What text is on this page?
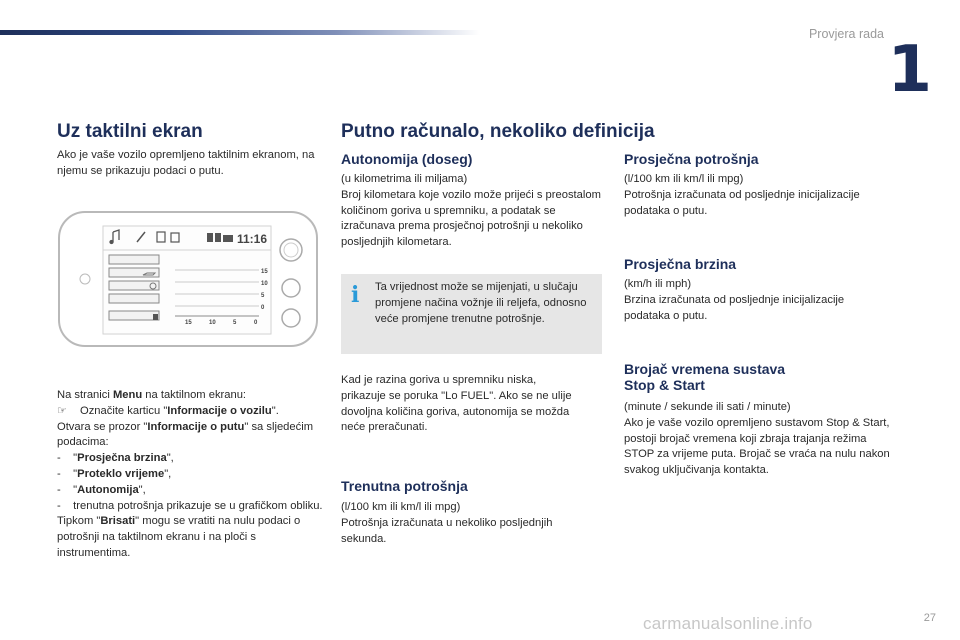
Provjera rada 1
Uz taktilni ekran
Ako je vaše vozilo opremljeno taktilnim ekranom, na njemu se prikazuju podaci o putu.
11:16
15
10
5
0
15	10	5	0
Na stranici Menu na taktilnom ekranu:
☞ Označite karticu "Informacije o vozilu".
Otvara se prozor "Informacije o putu" sa sljedećim podacima:
-    "Prosječna brzina",
-    "Proteklo vrijeme",
-    "Autonomija",
-    trenutna potrošnja prikazuje se u grafičkom obliku.
Tipkom "Brisati" mogu se vratiti na nulu podaci o potrošnji na taktilnom ekranu i na ploči s instrumentima.
Putno računalo, nekoliko definicija
Autonomija (doseg)
(u kilometrima ili miljama)
Broj kilometara koje vozilo može prijeći s preostalom količinom goriva u spremniku, a podatak se izračunava prema prosječnoj potrošnji u nekoliko posljednjih kilometara.
i Ta vrijednost može se mijenjati, u slučaju promjene načina vožnje ili reljefa, odnosno veće promjene trenutne potrošnje.
Kad je razina goriva u spremniku niska, prikazuje se poruka "Lo FUEL". Ako se ne ulije dovoljna količina goriva, autonomija se možda neće preračunati.
Trenutna potrošnja
(l/100 km ili km/l ili mpg)
Potrošnja izračunata u nekoliko posljednjih sekunda.
Prosječna potrošnja
(l/100 km ili km/l ili mpg)
Potrošnja izračunata od posljednje inicijalizacije podataka o putu.
Prosječna brzina
(km/h ili mph)
Brzina izračunata od posljednje inicijalizacije podataka o putu.
Brojač vremena sustava
Stop & Start
(minute / sekunde ili sati / minute)
Ako je vaše vozilo opremljeno sustavom Stop & Start, postoji brojač vremena koji zbraja trajanja režima STOP za vrijeme puta. Brojač se vraća na nulu nakon svakog uključivanja kontakta.
carmanualsonline.info	27
